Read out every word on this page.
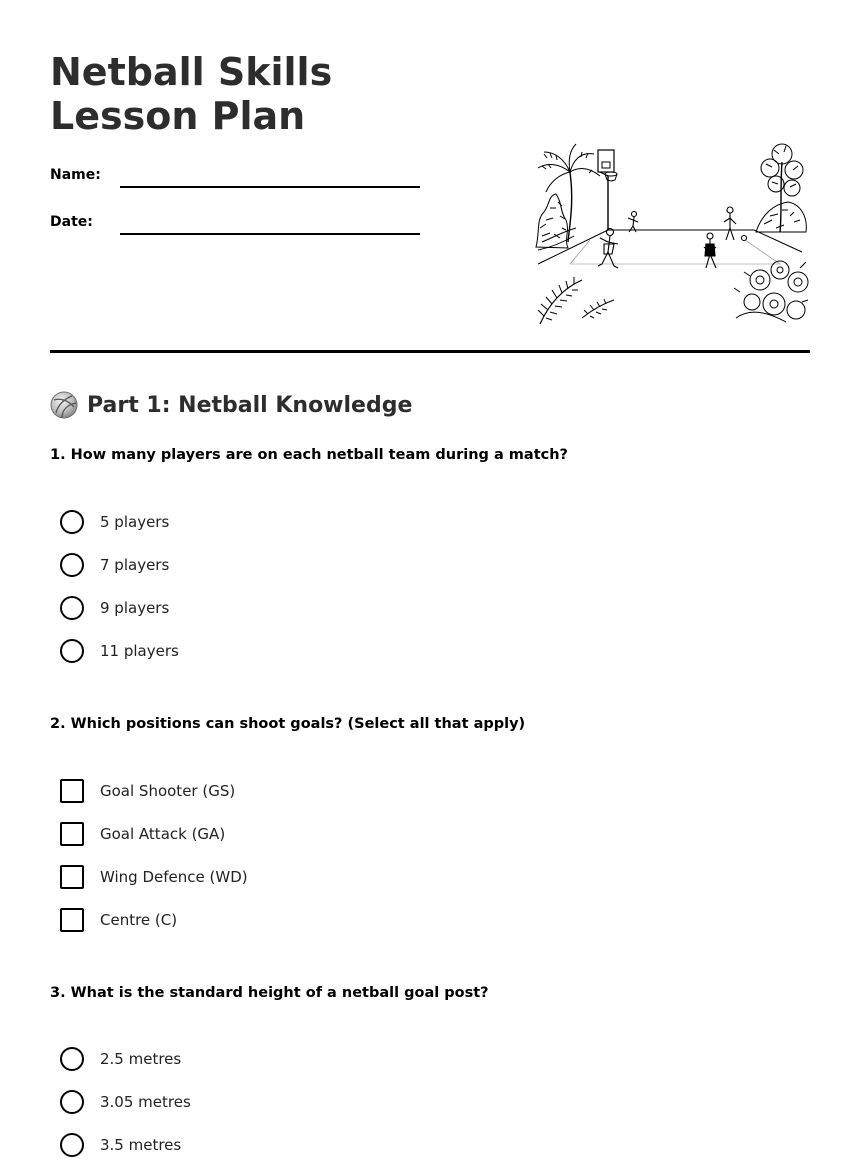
Netball Skills Lesson Plan
Name:
Date:
Part 1: Netball Knowledge
1. How many players are on each netball team during a match?
5 players
7 players
9 players
11 players
2. Which positions can shoot goals? (Select all that apply)
Goal Shooter (GS)
Goal Attack (GA)
Wing Defence (WD)
Centre (C)
3. What is the standard height of a netball goal post?
2.5 metres
3.05 metres
3.5 metres
